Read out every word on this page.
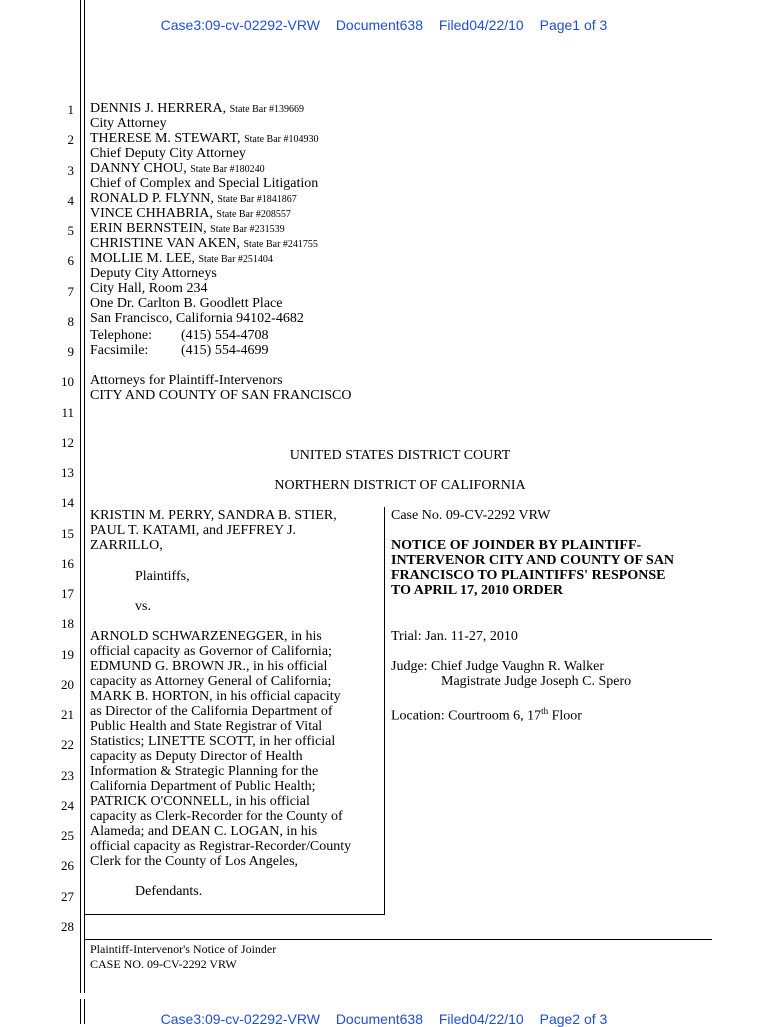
Case3:09-cv-02292-VRW Document638 Filed04/22/10 Page1 of 3
1
2
3
4
5
6
7
8
9
10
11
12
13
14
15
16
17
18
19
20
21
22
23
24
25
26
27
28
DENNIS J. HERRERA, State Bar #139669
City Attorney
THERESE M. STEWART, State Bar #104930
Chief Deputy City Attorney
DANNY CHOU, State Bar #180240
Chief of Complex and Special Litigation
RONALD P. FLYNN, State Bar #1841867
VINCE CHHABRIA, State Bar #208557
ERIN BERNSTEIN, State Bar #231539
CHRISTINE VAN AKEN, State Bar #241755
MOLLIE M. LEE, State Bar #251404
Deputy City Attorneys
City Hall, Room 234
One Dr. Carlton B. Goodlett Place
San Francisco, California 94102-4682
Telephone: (415) 554-4708
Facsimile: (415) 554-4699
Attorneys for Plaintiff-Intervenors
CITY AND COUNTY OF SAN FRANCISCO
UNITED STATES DISTRICT COURT
NORTHERN DISTRICT OF CALIFORNIA
KRISTIN M. PERRY, SANDRA B. STIER,
PAUL T. KATAMI, and JEFFREY J.
ZARRILLO,
Plaintiffs,
vs.
ARNOLD SCHWARZENEGGER, in his
official capacity as Governor of California;
EDMUND G. BROWN JR., in his official
capacity as Attorney General of California;
MARK B. HORTON, in his official capacity
as Director of the California Department of
Public Health and State Registrar of Vital
Statistics; LINETTE SCOTT, in her official
capacity as Deputy Director of Health
Information & Strategic Planning for the
California Department of Public Health;
PATRICK O'CONNELL, in his official
capacity as Clerk-Recorder for the County of
Alameda; and DEAN C. LOGAN, in his
official capacity as Registrar-Recorder/County
Clerk for the County of Los Angeles,
Defendants.
Case No. 09-CV-2292 VRW
NOTICE OF JOINDER BY PLAINTIFF-
INTERVENOR CITY AND COUNTY OF SAN
FRANCISCO TO PLAINTIFFS' RESPONSE
TO APRIL 17, 2010 ORDER
Trial: Jan. 11-27, 2010
Judge: Chief Judge Vaughn R. Walker
Magistrate Judge Joseph C. Spero
Location: Courtroom 6, 17th Floor
Plaintiff-Intervenor's Notice of Joinder
CASE NO. 09-CV-2292 VRW
Case3:09-cv-02292-VRW Document638 Filed04/22/10 Page2 of 3
